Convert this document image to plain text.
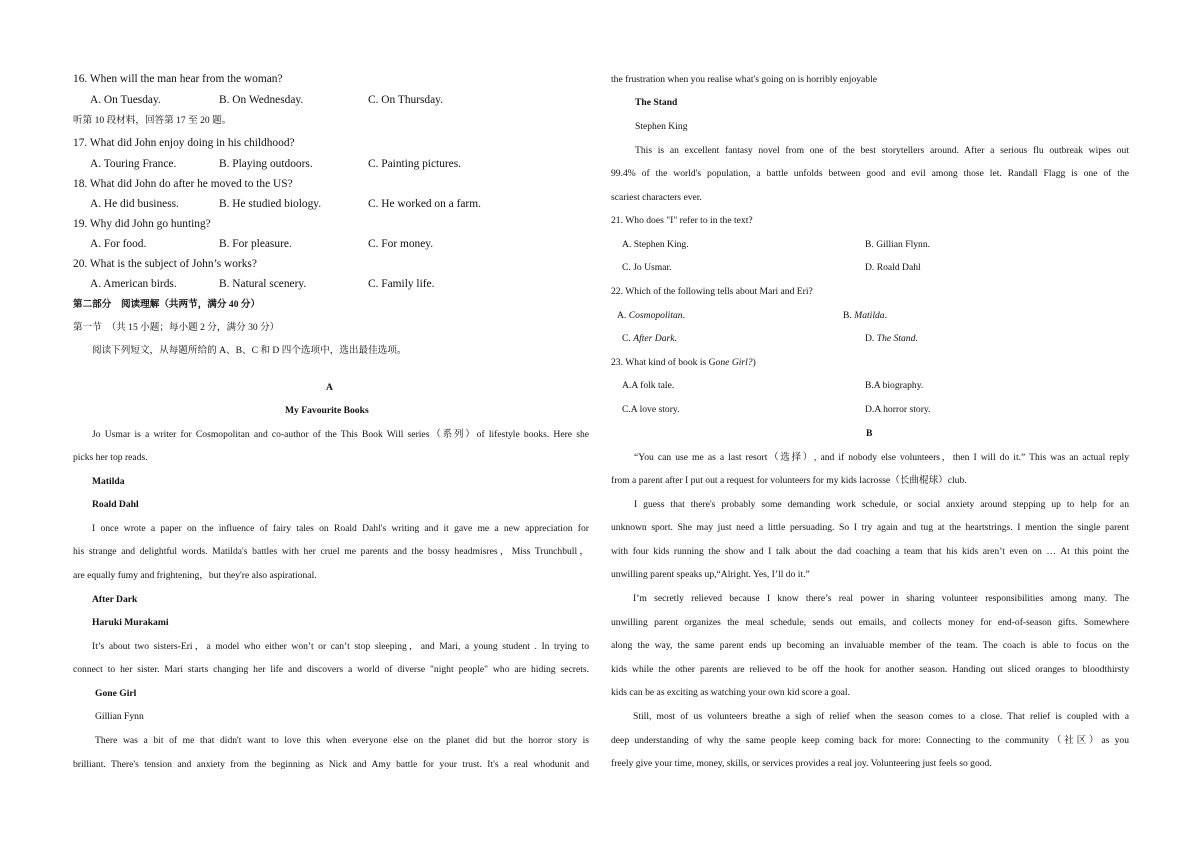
16. When will the man hear from the woman?
A. On Tuesday.	B. On Wednesday.	C. On Thursday.
听第 10 段材料，回答第 17 至 20 题。
17. What did John enjoy doing in his childhood?
A. Touring France.	B. Playing outdoors.	C. Painting pictures.
18. What did John do after he moved to the US?
A. He did business.	B. He studied biology.	C. He worked on a farm.
19. Why did John go hunting?
A. For food.	B. For pleasure.	C. For money.
20. What is the subject of John’s works?
A. American birds.	B. Natural scenery.	C. Family life.
第二部分　阅读理解（共两节，满分 40 分）
第一节　（共 15 小题；每小题 2 分，满分 30 分）
阅读下列短文，从每题所给的 A、B、C 和 D 四个选项中，选出最佳选项。
A
My Favourite Books
Jo Usmar is a writer for Cosmopolitan and co-author of the This Book Will series（系列）of lifestyle books. Here she
picks her top reads.
Matilda
Roald Dahl
I once wrote a paper on the influence of fairy tales on Roald Dahl's writing and it gave me a new appreciation for
his strange and delightful words. Matilda's battles with her cruel me parents and the bossy headmisres，Miss Trunchbull，
are equally fumy and frightening，but they're also aspirational.
After Dark
Haruki Murakami
It’s about two sisters-Eri，a model who either won’t or can’t stop sleeping，and Mari, a young student . In trying to
connect to her sister. Mari starts changing her life and discovers a world of diverse "night people" who are hiding secrets.
Gone Girl
Gillian Fynn
There was a bit of me that didn't want to love this when everyone else on the planet did but the horror story is
brilliant. There's tension and anxiety from the beginning as Nick and Amy battle for your trust. It's a real whodunit and
the frustration when you realise what's going on is horribly enjoyable
The Stand
Stephen King
This is an excellent fantasy novel from one of the best storytellers around. After a serious flu outbreak wipes out
99.4% of the world's population, a battle unfolds between good and evil among those let. Randall Flagg is one of the
scariest characters ever.
21. Who does "I" refer to in the text?
A. Stephen King.	B. Gillian Flynn.
C. Jo Usmar.	D. Roald Dahl
22. Which of the following tells about Mari and Eri?
A. Cosmopolitan.	B. Matilda.
C. After Dark.	D. The Stand.
23. What kind of book is Gone Girl?)
A.A folk tale.	B.A biography.
C.A love story.	D.A horror story.
B
“You can use me as a last resort（选择）, and if nobody else volunteers，then I will do it.” This was an actual reply
from a parent after I put out a request for volunteers for my kids lacrosse（长曲棍球）club.
I guess that there's probably some demanding work schedule, or social anxiety around stepping up to help for an
unknown sport. She may just need a little persuading. So I try again and tug at the heartstrings. I mention the single parent
with four kids running the show and I talk about the dad coaching a team that his kids aren’t even on … At this point the
unwilling parent speaks up,“Alright. Yes, I’ll do it.”
I’m secretly relieved because I know there’s real power in sharing volunteer responsibilities among many. The
unwilling parent organizes the meal schedule, sends out emails, and collects money for end-of-season gifts. Somewhere
along the way, the same parent ends up becoming an invaluable member of the team. The coach is able to focus on the
kids while the other parents are relieved to be off the hook for another season. Handing out sliced oranges to bloodthirsty
kids can be as exciting as watching your own kid score a goal.
Still, most of us volunteers breathe a sigh of relief when the season comes to a close. That relief is coupled with a
deep understanding of why the same people keep coming back for more: Connecting to the community（社区）as you
freely give your time, money, skills, or services provides a real joy. Volunteering just feels so good.
